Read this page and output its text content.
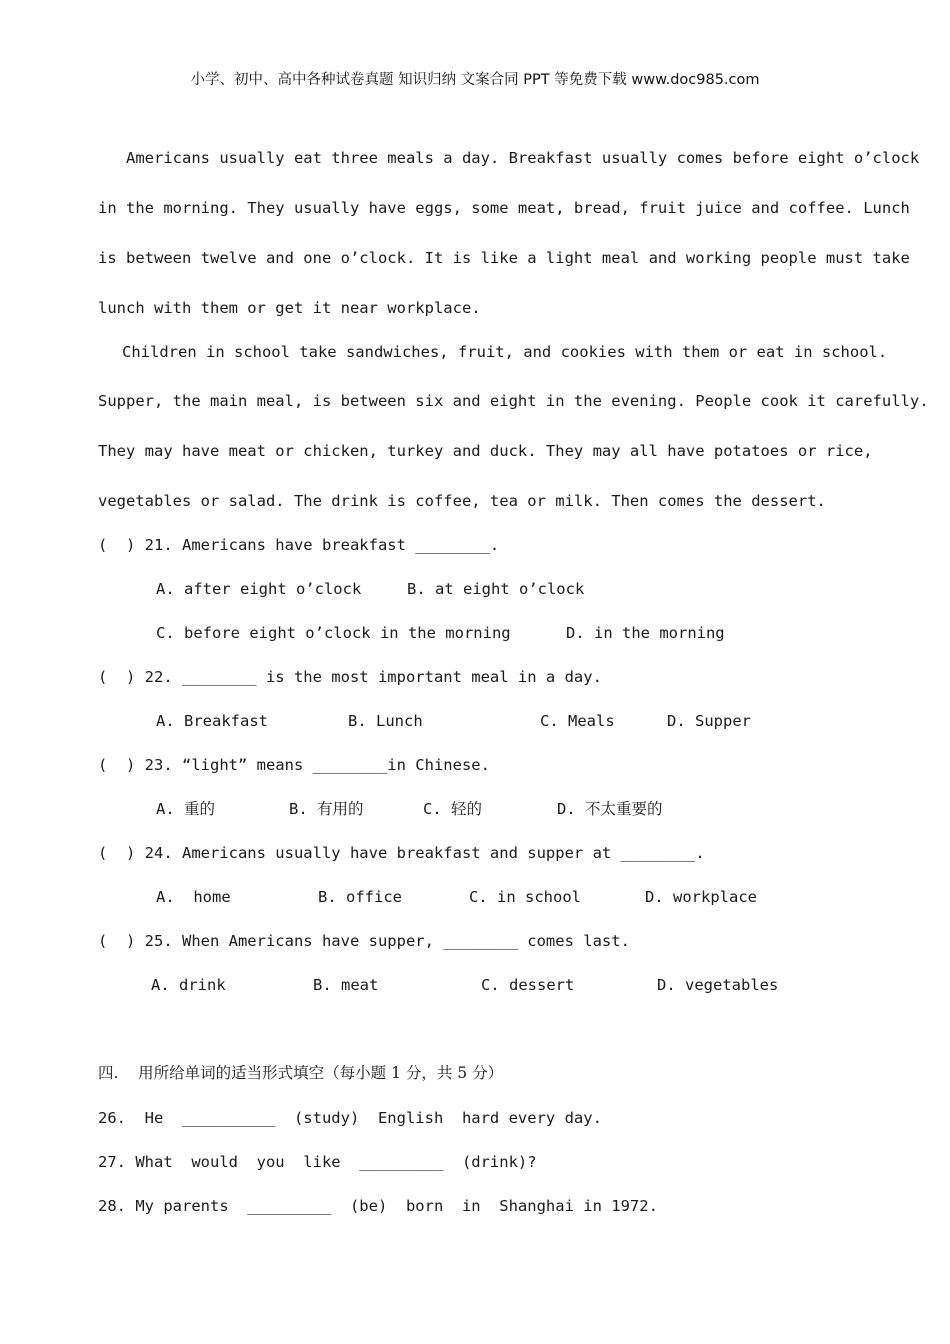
小学、初中、高中各种试卷真题 知识归纳 文案合同 PPT 等免费下载 www.doc985.com
Americans usually eat three meals a day. Breakfast usually comes before eight o’clock
in the morning. They usually have eggs, some meat, bread, fruit juice and coffee. Lunch
is between twelve and one o’clock. It is like a light meal and working people must take
lunch with them or get it near workplace.
Children in school take sandwiches, fruit, and cookies with them or eat in school.
Supper, the main meal, is between six and eight in the evening. People cook it carefully.
They may have meat or chicken, turkey and duck. They may all have potatoes or rice,
vegetables or salad. The drink is coffee, tea or milk. Then comes the dessert.
(  ) 21. Americans have breakfast ________.
A. after eight o’clock	B. at eight o’clock
C. before eight o’clock in the morning	D. in the morning
(  ) 22. ________ is the most important meal in a day.
A. Breakfast	B. Lunch	C. Meals	D. Supper
(  ) 23. “light” means ________in Chinese.
A. 重的	B. 有用的	C. 轻的	D. 不太重要的
(  ) 24. Americans usually have breakfast and supper at ________.
A.  home	B. office	C. in school	D. workplace
(  ) 25. When Americans have supper, ________ comes last.
A. drink	B. meat	C. dessert	D. vegetables
四.    用所给单词的适当形式填空（每小题 1 分，共 5 分）
26.  He  __________  (study)  English  hard every day.
27. What  would  you  like  _________  (drink)?
28. My parents  _________  (be)  born  in  Shanghai in 1972.
